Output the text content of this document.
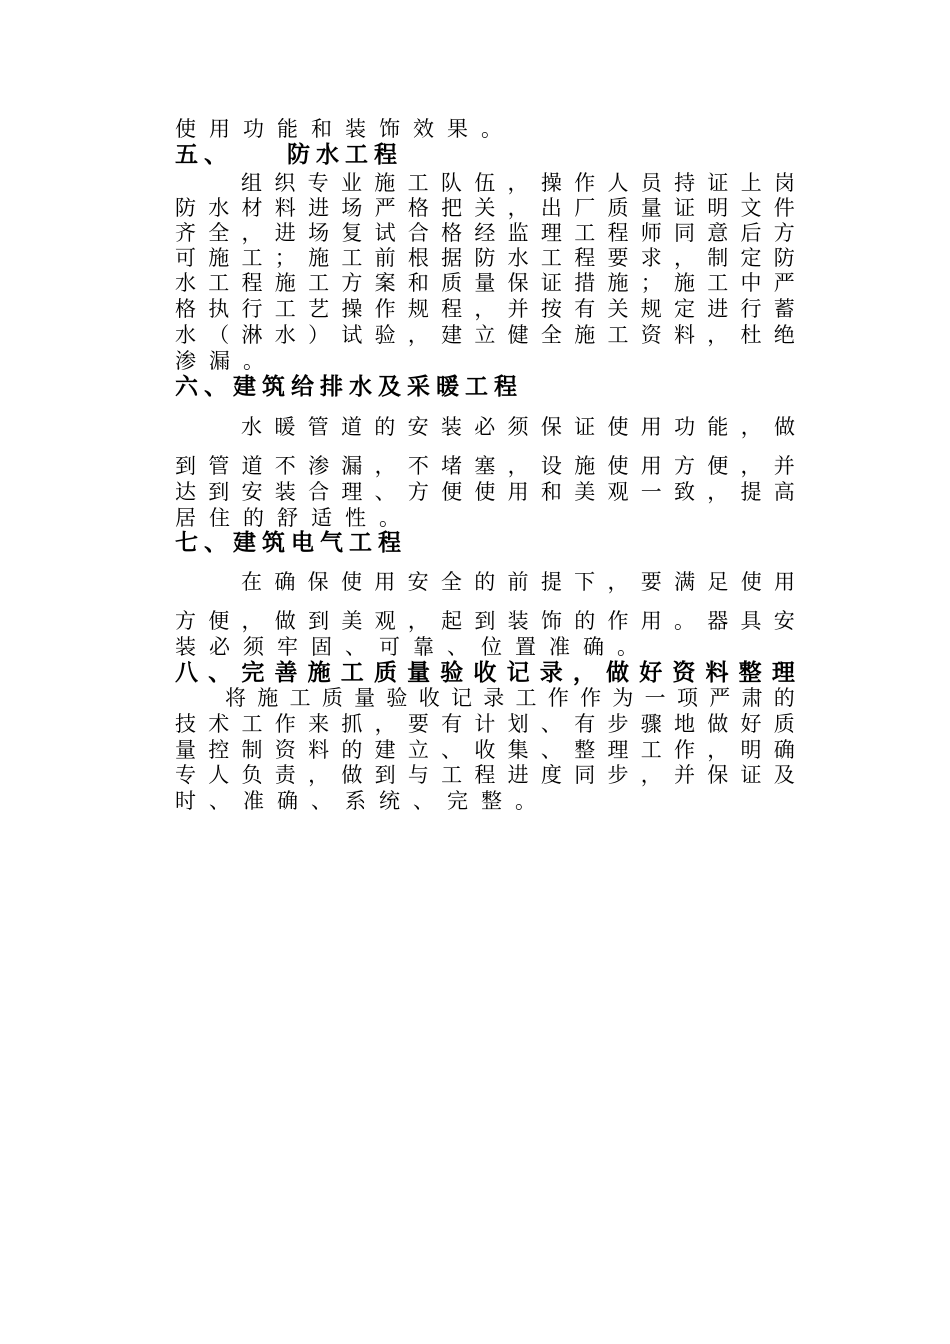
使用功能和装饰效果。
五、 防水工程
组 织 专 业 施 工 队 伍 ， 操 作 人 员 持 证 上 岗
防 水 材 料 进 场 严 格 把 关 ， 出 厂 质 量 证 明 文 件
齐 全 ， 进 场 复 试 合 格 经 监 理 工 程 师 同 意 后 方
可 施 工 ； 施 工 前 根 据 防 水 工 程 要 求 ， 制 定 防
水 工 程 施 工 方 案 和 质 量 保 证 措 施 ； 施 工 中 严
格 执 行 工 艺 操 作 规 程 ， 并 按 有 关 规 定 进 行 蓄
水 （ 淋 水 ） 试 验 ， 建 立 健 全 施 工 资 料 ， 杜 绝
渗漏。
六、建筑给排水及采暖工程
水 暖 管 道 的 安 装 必 须 保 证 使 用 功 能 ， 做
到 管 道 不 渗 漏 ， 不 堵 塞 ， 设 施 使 用 方 便 ， 并
达 到 安 装 合 理 、 方 便 使 用 和 美 观 一 致 ， 提 高
居住的舒适性。
七、建筑电气工程
在 确 保 使 用 安 全 的 前 提 下 ， 要 满 足 使 用
方 便 ， 做 到 美 观 ， 起 到 装 饰 的 作 用 。 器 具 安
装必须牢固、可靠、位置准确。
八 、 完 善 施 工 质 量 验 收 记 录 ， 做 好 资 料 整 理
将 施 工 质 量 验 收 记 录 工 作 作 为 一 项 严 肃 的
技 术 工 作 来 抓 ， 要 有 计 划 、 有 步 骤 地 做 好 质
量 控 制 资 料 的 建 立 、 收 集 、 整 理 工 作 ， 明 确
专 人 负 责 ， 做 到 与 工 程 进 度 同 步 ， 并 保 证 及
时、准确、系统、完整。
